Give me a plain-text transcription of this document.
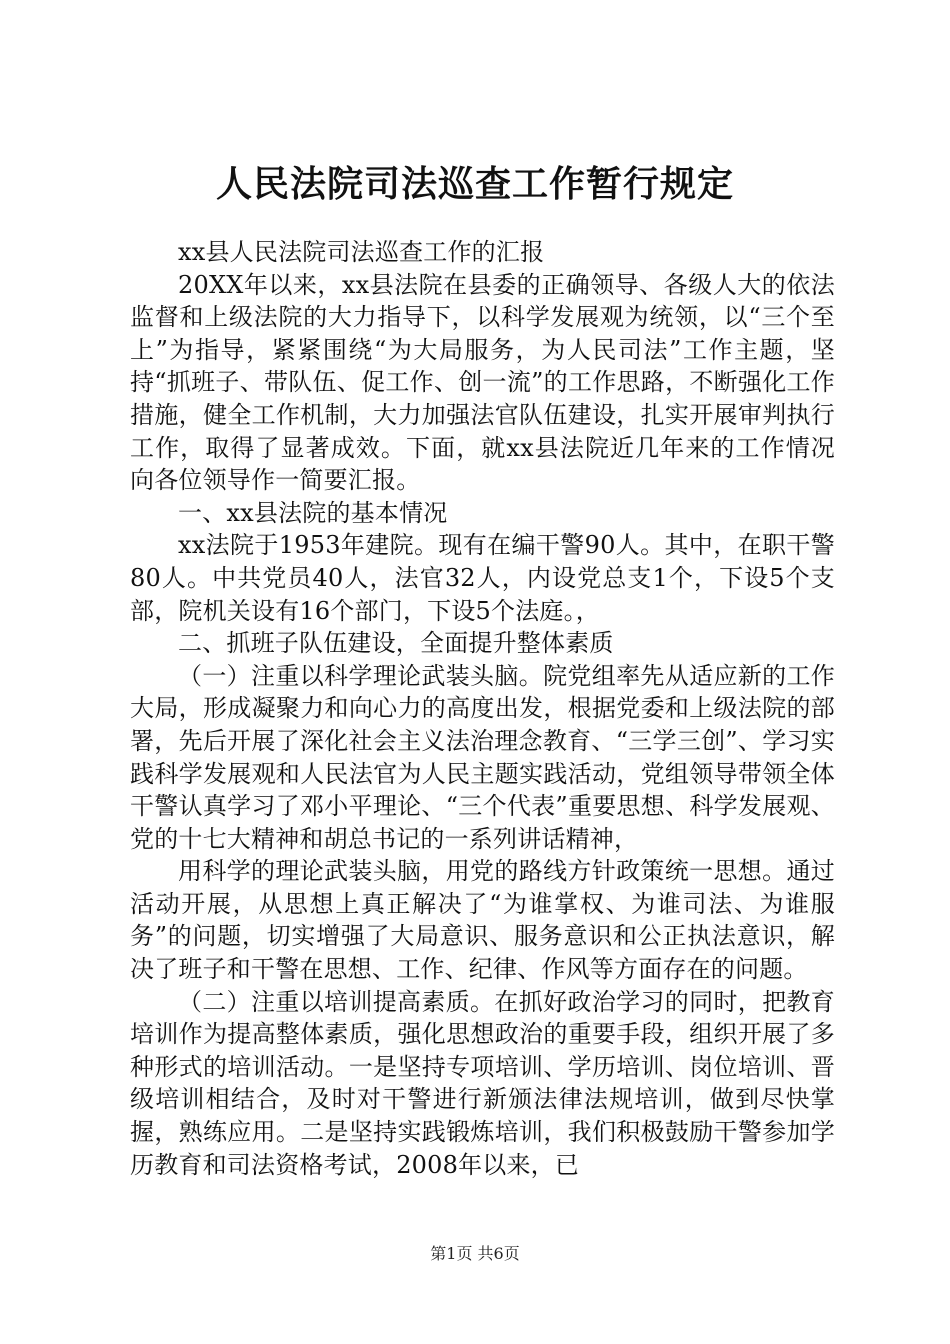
人民法院司法巡查工作暂行规定

xx县人民法院司法巡查工作的汇报

20XX年以来，xx县法院在县委的正确领导、各级人大的依法监督和上级法院的大力指导下，以科学发展观为统领，以“三个至上”为指导，紧紧围绕“为大局服务，为人民司法”工作主题，坚持“抓班子、带队伍、促工作、创一流”的工作思路，不断强化工作措施，健全工作机制，大力加强法官队伍建设，扎实开展审判执行工作，取得了显著成效。下面，就xx县法院近几年来的工作情况向各位领导作一简要汇报。

一、xx县法院的基本情况

xx法院于1953年建院。现有在编干警90人。其中，在职干警80人。中共党员40人，法官32人，内设党总支1个，下设5个支部，院机关设有16个部门，下设5个法庭。，

二、抓班子队伍建设，全面提升整体素质

（一）注重以科学理论武装头脑。院党组率先从适应新的工作大局，形成凝聚力和向心力的高度出发，根据党委和上级法院的部署，先后开展了深化社会主义法治理念教育、“三学三创”、学习实践科学发展观和人民法官为人民主题实践活动，党组领导带领全体干警认真学习了邓小平理论、“三个代表”重要思想、科学发展观、党的十七大精神和胡总书记的一系列讲话精神，

用科学的理论武装头脑，用党的路线方针政策统一思想。通过活动开展，从思想上真正解决了“为谁掌权、为谁司法、为谁服务”的问题，切实增强了大局意识、服务意识和公正执法意识，解决了班子和干警在思想、工作、纪律、作风等方面存在的问题。

（二）注重以培训提高素质。在抓好政治学习的同时，把教育培训作为提高整体素质，强化思想政治的重要手段，组织开展了多种形式的培训活动。一是坚持专项培训、学历培训、岗位培训、晋级培训相结合，及时对干警进行新颁法律法规培训，做到尽快掌握，熟练应用。二是坚持实践锻炼培训，我们积极鼓励干警参加学历教育和司法资格考试，2008年以来，已

第1页 共6页
